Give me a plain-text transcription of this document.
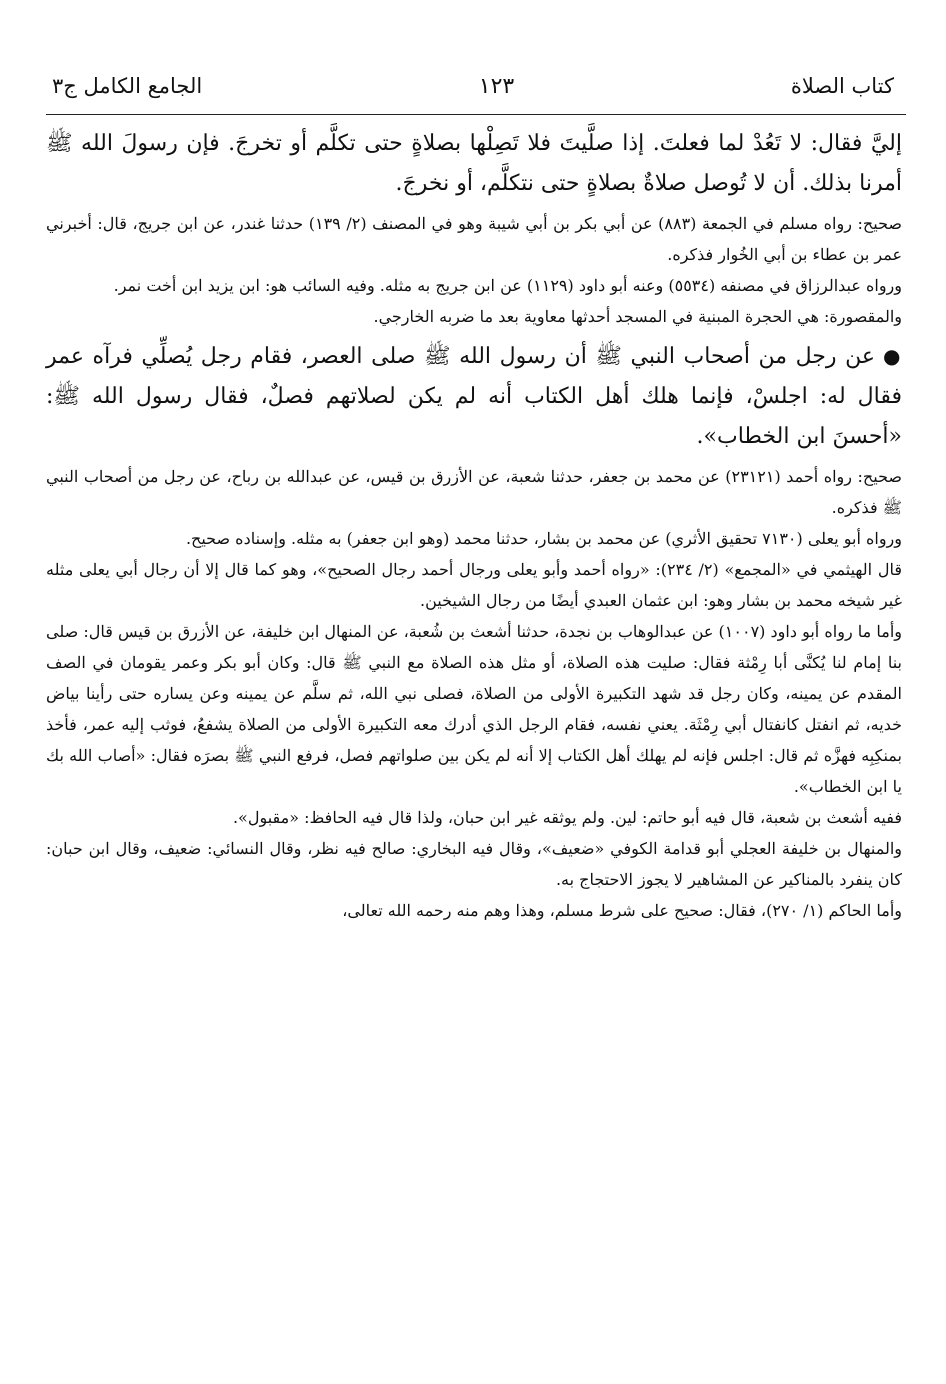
كتاب الصلاة
١٢٣
الجامع الكامل ج٣

إليَّ فقال: لا تَعُدْ لما فعلتَ. إذا صلَّيتَ فلا تَصِلْها بصلاةٍ حتى تكلَّم أو تخرجَ. فإن رسولَ الله ﷺ أمرنا بذلك. أن لا تُوصل صلاةٌ بصلاةٍ حتى نتكلَّم، أو نخرجَ.

صحيح: رواه مسلم في الجمعة (٨٨٣) عن أبي بكر بن أبي شيبة وهو في المصنف (٢/ ١٣٩) حدثنا غندر، عن ابن جريج، قال: أخبرني عمر بن عطاء بن أبي الخُوار فذكره.

ورواه عبدالرزاق في مصنفه (٥٥٣٤) وعنه أبو داود (١١٢٩) عن ابن جريج به مثله. وفيه السائب هو: ابن يزيد ابن أخت نمر.

والمقصورة: هي الحجرة المبنية في المسجد أحدثها معاوية بعد ما ضربه الخارجي.

●عن رجل من أصحاب النبي ﷺ أن رسول الله ﷺ صلى العصر، فقام رجل يُصلِّي فرآه عمر فقال له: اجلسْ، فإنما هلك أهل الكتاب أنه لم يكن لصلاتهم فصلٌ، فقال رسول الله ﷺ: «أحسنَ ابن الخطاب».

صحيح: رواه أحمد (٢٣١٢١) عن محمد بن جعفر، حدثنا شعبة، عن الأزرق بن قيس، عن عبدالله بن رباح، عن رجل من أصحاب النبي ﷺ فذكره.

ورواه أبو يعلى (٧١٣٠ تحقيق الأثري) عن محمد بن بشار، حدثنا محمد (وهو ابن جعفر) به مثله. وإسناده صحيح.

قال الهيثمي في «المجمع» (٢/ ٢٣٤): «رواه أحمد وأبو يعلى ورجال أحمد رجال الصحيح»، وهو كما قال إلا أن رجال أبي يعلى مثله غير شيخه محمد بن بشار وهو: ابن عثمان العبدي أيضًا من رجال الشيخين.

وأما ما رواه أبو داود (١٠٠٧) عن عبدالوهاب بن نجدة، حدثنا أشعث بن شُعبة، عن المنهال ابن خليفة، عن الأزرق بن قيس قال: صلى بنا إمام لنا يُكنَّى أبا رِمْثة فقال: صليت هذه الصلاة، أو مثل هذه الصلاة مع النبي ﷺ قال: وكان أبو بكر وعمر يقومان في الصف المقدم عن يمينه، وكان رجل قد شهد التكبيرة الأولى من الصلاة، فصلى نبي الله، ثم سلَّم عن يمينه وعن يساره حتى رأينا بياض خديه، ثم انفتل كانفتال أبي رِمْثَة. يعني نفسه، فقام الرجل الذي أدرك معه التكبيرة الأولى من الصلاة يشفعُ، فوثب إليه عمر، فأخذ بمنكِبِه فهزَّه ثم قال: اجلس فإنه لم يهلك أهل الكتاب إلا أنه لم يكن بين صلواتهم فصل، فرفع النبي ﷺ بصرَه فقال: «أصاب الله بك يا ابن الخطاب».

ففيه أشعث بن شعبة، قال فيه أبو حاتم: لين. ولم يوثقه غير ابن حبان، ولذا قال فيه الحافظ: «مقبول».

والمنهال بن خليفة العجلي أبو قدامة الكوفي «ضعيف»، وقال فيه البخاري: صالح فيه نظر، وقال النسائي: ضعيف، وقال ابن حبان: كان ينفرد بالمناكير عن المشاهير لا يجوز الاحتجاج به.

وأما الحاكم (١/ ٢٧٠)، فقال: صحيح على شرط مسلم، وهذا وهم منه رحمه الله تعالى،
